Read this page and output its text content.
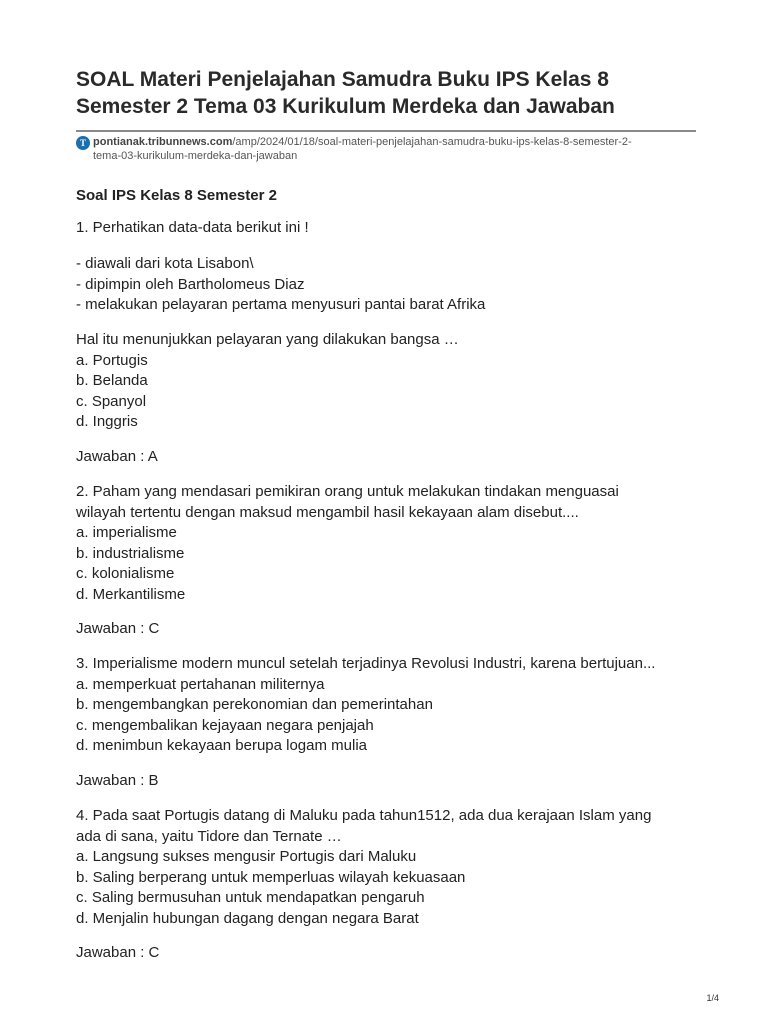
SOAL Materi Penjelajahan Samudra Buku IPS Kelas 8
Semester 2 Tema 03 Kurikulum Merdeka dan Jawaban
T pontianak.tribunnews.com/amp/2024/01/18/soal-materi-penjelajahan-samudra-buku-ips-kelas-8-semester-2-
tema-03-kurikulum-merdeka-dan-jawaban
Soal IPS Kelas 8 Semester 2
1. Perhatikan data-data berikut ini !
- diawali dari kota Lisabon\
- dipimpin oleh Bartholomeus Diaz
- melakukan pelayaran pertama menyusuri pantai barat Afrika
Hal itu menunjukkan pelayaran yang dilakukan bangsa …
a. Portugis
b. Belanda
c. Spanyol
d. Inggris
Jawaban : A
2. Paham yang mendasari pemikiran orang untuk melakukan tindakan menguasai
wilayah tertentu dengan maksud mengambil hasil kekayaan alam disebut....
a. imperialisme
b. industrialisme
c. kolonialisme
d. Merkantilisme
Jawaban : C
3. Imperialisme modern muncul setelah terjadinya Revolusi Industri, karena bertujuan...
a. memperkuat pertahanan militernya
b. mengembangkan perekonomian dan pemerintahan
c. mengembalikan kejayaan negara penjajah
d. menimbun kekayaan berupa logam mulia
Jawaban : B
4. Pada saat Portugis datang di Maluku pada tahun1512, ada dua kerajaan Islam yang
ada di sana, yaitu Tidore dan Ternate …
a. Langsung sukses mengusir Portugis dari Maluku
b. Saling berperang untuk memperluas wilayah kekuasaan
c. Saling bermusuhan untuk mendapatkan pengaruh
d. Menjalin hubungan dagang dengan negara Barat
Jawaban : C
1/4
